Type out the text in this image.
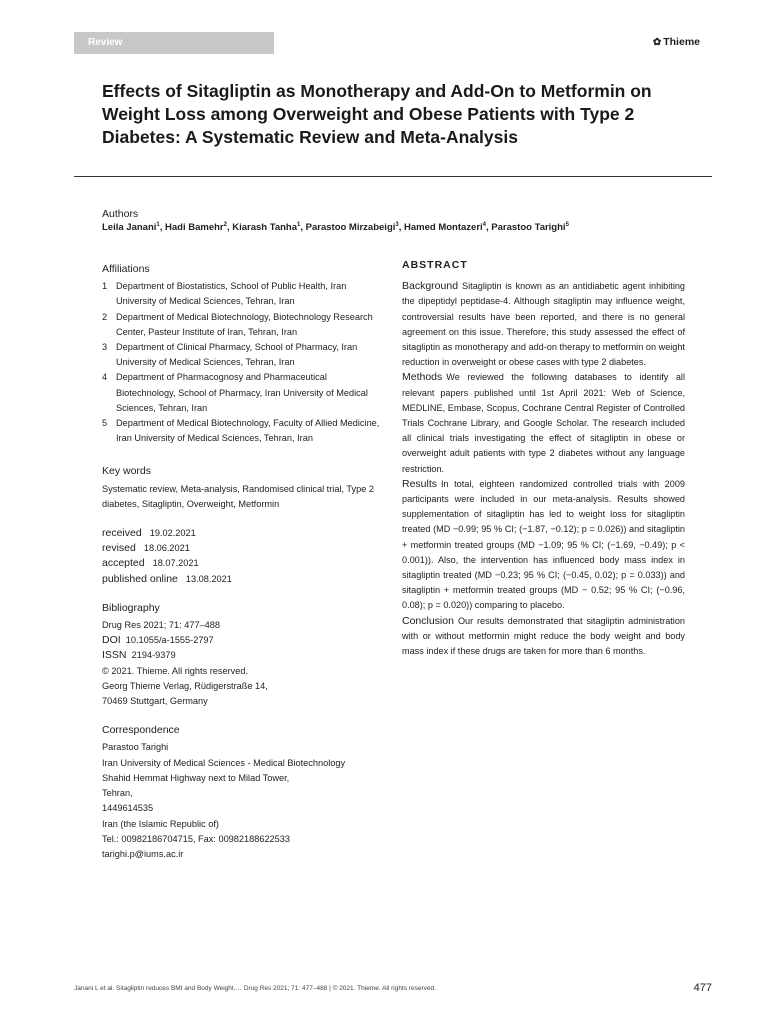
Review	✿ Thieme
Effects of Sitagliptin as Monotherapy and Add-On to Metformin on Weight Loss among Overweight and Obese Patients with Type 2 Diabetes: A Systematic Review and Meta-Analysis
Authors
Leila Janani$^1$, Hadi Bamehr$^2$, Kiarash Tanha$^1$, Parastoo Mirzabeigi$^3$, Hamed Montazeri$^4$, Parastoo Tarighi$^5$
Affiliations
1 Department of Biostatistics, School of Public Health, Iran University of Medical Sciences, Tehran, Iran
2 Department of Medical Biotechnology, Biotechnology Research Center, Pasteur Institute of Iran, Tehran, Iran
3 Department of Clinical Pharmacy, School of Pharmacy, Iran University of Medical Sciences, Tehran, Iran
4 Department of Pharmacognosy and Pharmaceutical Biotechnology, School of Pharmacy, Iran University of Medical Sciences, Tehran, Iran
5 Department of Medical Biotechnology, Faculty of Allied Medicine, Iran University of Medical Sciences, Tehran, Iran
Key words

Systematic review, Meta-analysis, Randomised clinical trial, Type 2 diabetes, Sitagliptin, Overweight, Metformin

received 19.02.2021
revised 18.06.2021
accepted 18.07.2021
published online 13.08.2021
Bibliography

Drug Res 2021; 71: 477–488

DOI 10.1055/a-1555-2797

ISSN 2194-9379

© 2021. Thieme. All rights reserved.

Georg Thieme Verlag, Rüdigerstraße 14,

70469 Stuttgart, Germany

Correspondence

Parastoo Tarighi

Iran University of Medical Sciences - Medical Biotechnology

Shahid Hemmat Highway next to Milad Tower,

Tehran,

1449614535

Iran (the Islamic Republic of)

Tel.: 00982186704715, Fax: 00982188622533

tarighi.p@iums.ac.ir

ABSTRACT

Background Sitagliptin is known as an antidiabetic agent inhibiting the dipeptidyl peptidase-4. Although sitagliptin may influence weight, controversial results have been reported, and there is no general agreement on this issue. Therefore, this study assessed the effect of sitagliptin as monotherapy and add-on therapy to metformin on weight reduction in overweight or obese cases with type 2 diabetes.

Methods We reviewed the following databases to identify all relevant papers published until 1st April 2021: Web of Science, MEDLINE, Embase, Scopus, Cochrane Central Register of Controlled Trials Cochrane Library, and Google Scholar. The research included all clinical trials investigating the effect of sitagliptin in obese or overweight adult patients with type 2 diabetes without any language restriction.

Results In total, eighteen randomized controlled trials with 2009 participants were included in our meta-analysis. Results showed supplementation of sitagliptin has led to weight loss for sitagliptin treated (MD −0.99; 95 % CI; (−1.87, −0.12); p = 0.026)) and sitagliptin + metformin treated groups (MD −1.09; 95 % CI; (−1.69, −0.49); p < 0.001)). Also, the intervention has influenced body mass index in sitagliptin treated (MD −0.23; 95 % CI; (−0.45, 0.02); p = 0.033)) and sitagliptin + metformin treated groups (MD − 0.52; 95 % CI; (−0.96, 0.08); p = 0.020)) comparing to placebo.

Conclusion Our results demonstrated that sitagliptin administration with or without metformin might reduce the body weight and body mass index if these drugs are taken for more than 6 months.

Janani L et al. Sitagliptin reduces BMI and Body Weight.… Drug Res 2021; 71: 477–488 | © 2021. Thieme. All rights reserved.	477
